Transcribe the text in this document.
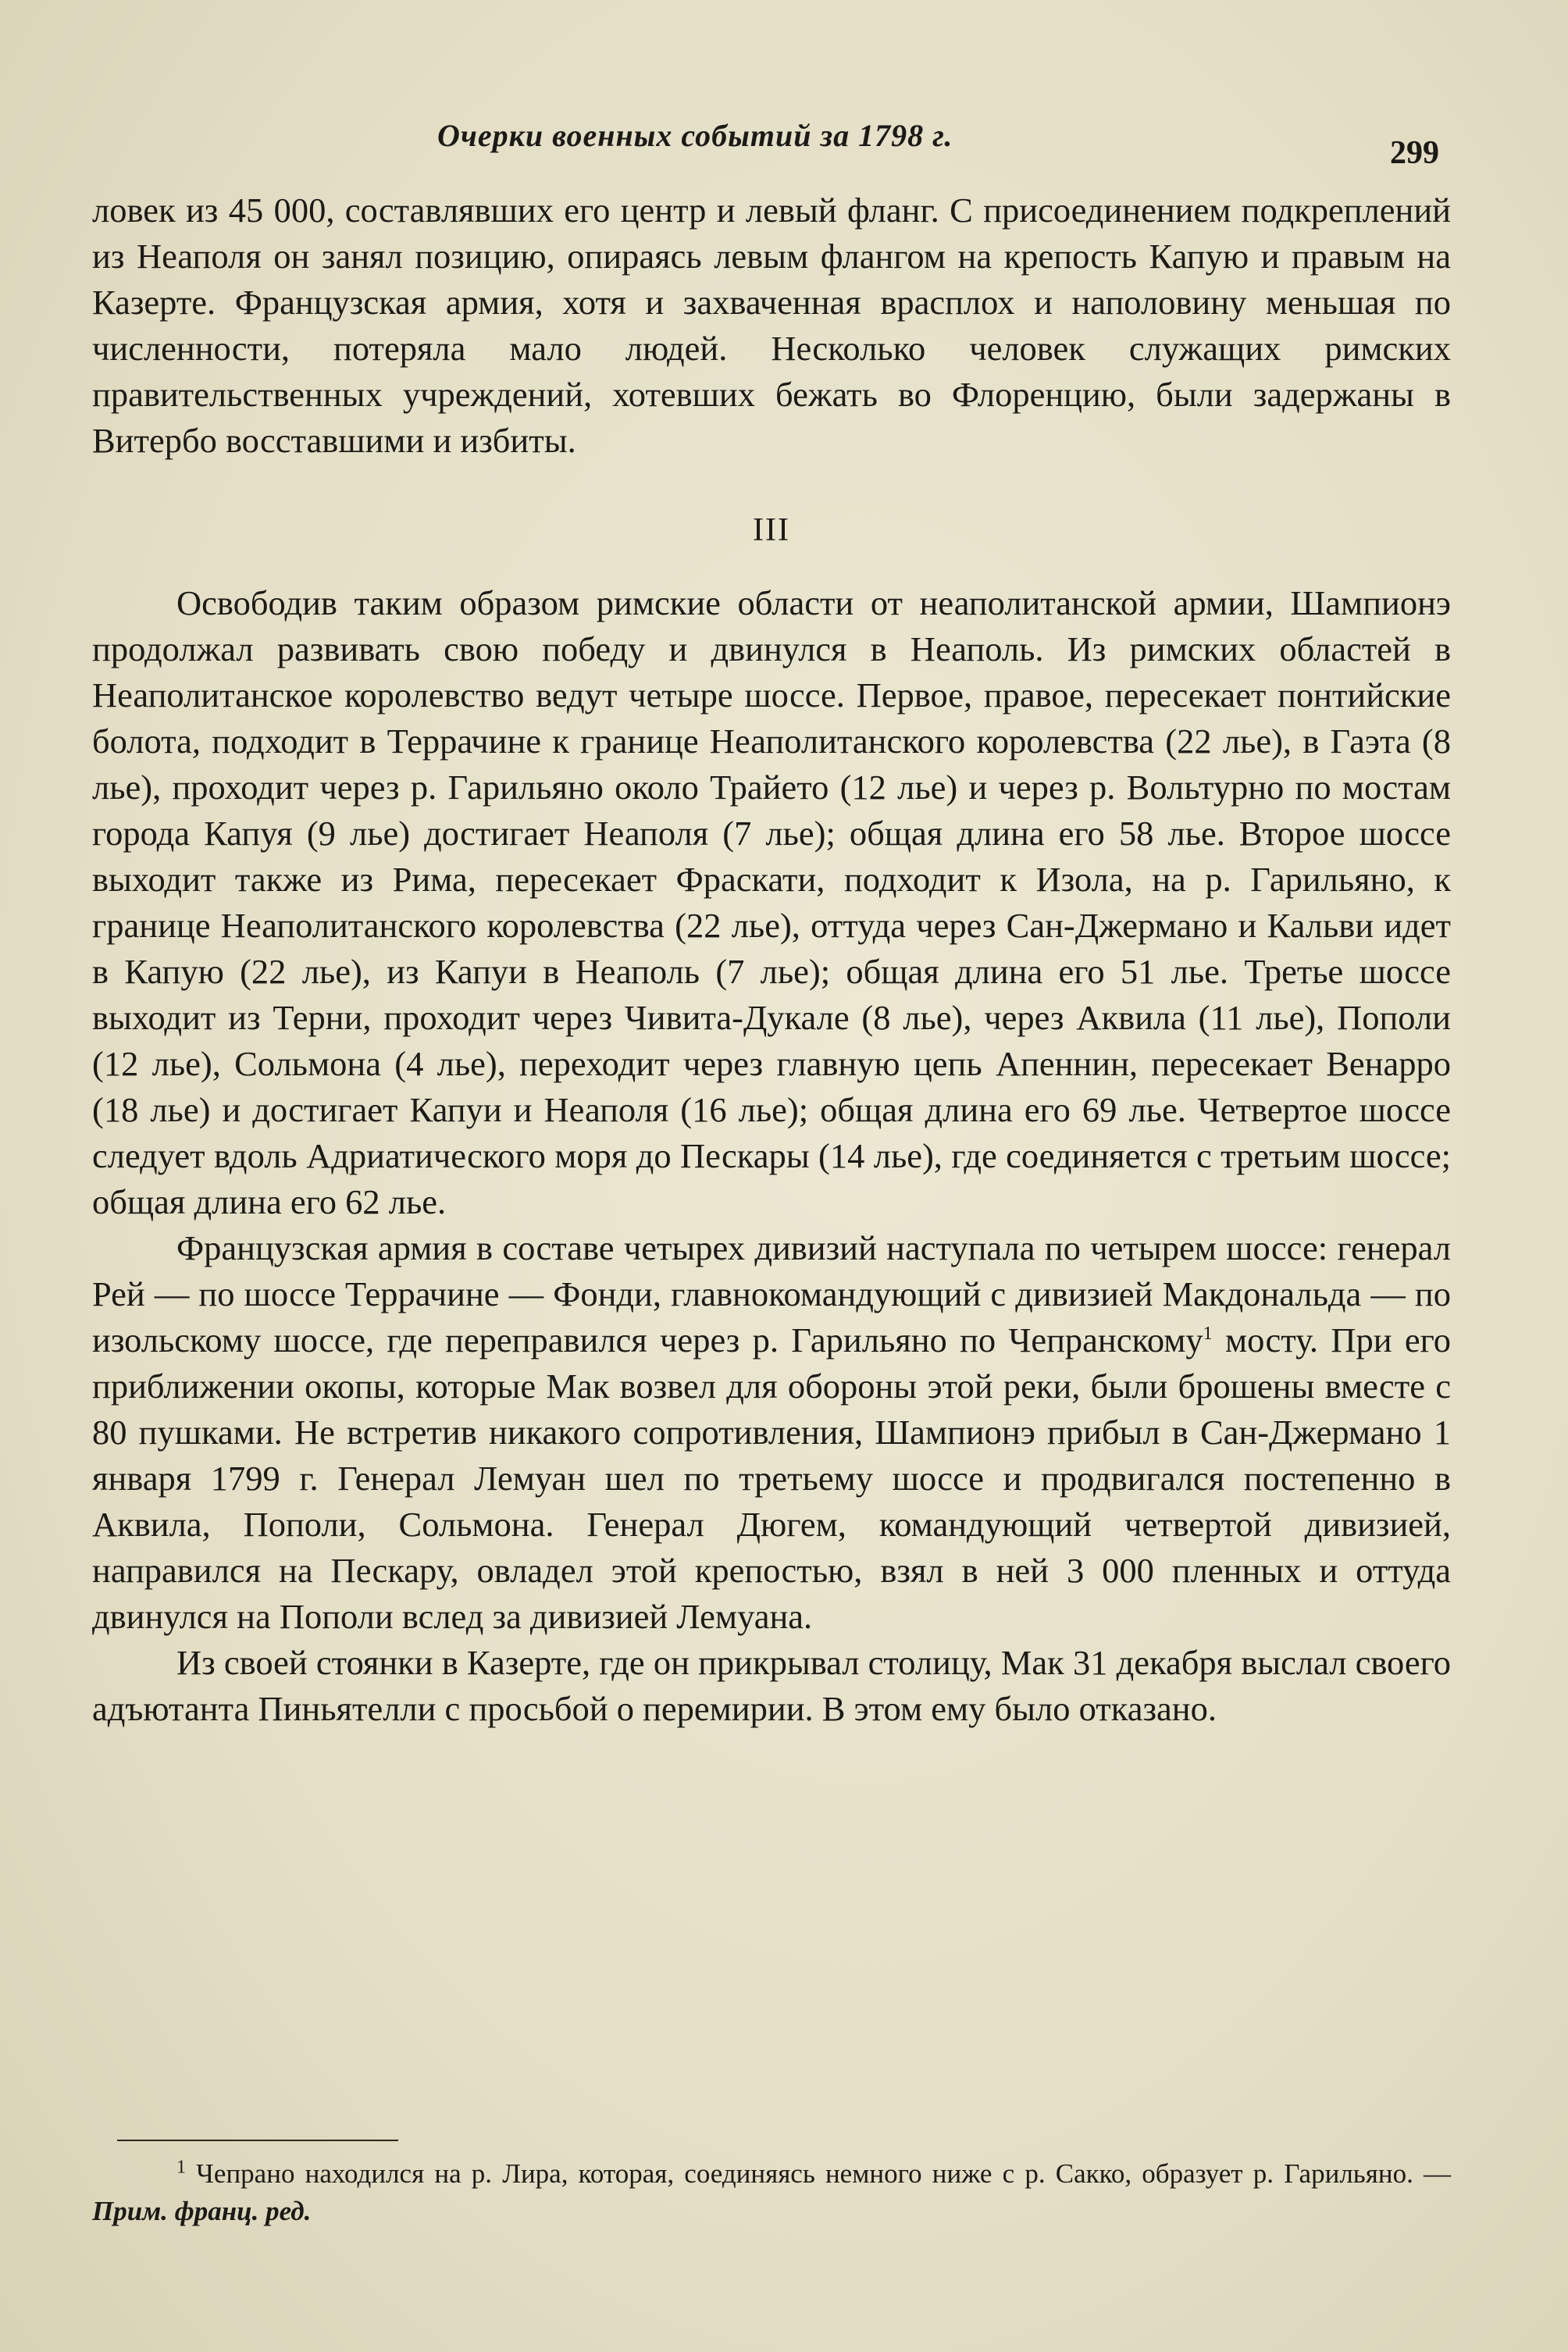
Очерки военных событий за 1798 г.	299

ловек из 45 000, составлявших его центр и левый фланг. С присоединением подкреплений из Неаполя он занял позицию, опираясь левым флангом на крепость Капую и правым на Казерте. Французская армия, хотя и захваченная врасплох и наполовину меньшая по численности, потеряла мало людей. Несколько человек служащих римских правительственных учреждений, хотевших бежать во Флоренцию, были задержаны в Витербо восставшими и избиты.

III

Освободив таким образом римские области от неаполитанской армии, Шампионэ продолжал развивать свою победу и двинулся в Неаполь. Из римских областей в Неаполитанское королевство ведут четыре шоссе. Первое, правое, пересекает понтийские болота, подходит в Террачине к границе Неаполитанского королевства (22 лье), в Гаэта (8 лье), проходит через р. Гарильяно около Трайето (12 лье) и через р. Вольтурно по мостам города Капуя (9 лье) достигает Неаполя (7 лье); общая длина его 58 лье. Второе шоссе выходит также из Рима, пересекает Фраскати, подходит к Изола, на р. Гарильяно, к границе Неаполитанского королевства (22 лье), оттуда через Сан-Джермано и Кальви идет в Капую (22 лье), из Капуи в Неаполь (7 лье); общая длина его 51 лье. Третье шоссе выходит из Терни, проходит через Чивита-Дукале (8 лье), через Аквила (11 лье), Пополи (12 лье), Сольмона (4 лье), переходит через главную цепь Апеннин, пересекает Венарро (18 лье) и достигает Капуи и Неаполя (16 лье); общая длина его 69 лье. Четвертое шоссе следует вдоль Адриатического моря до Пескары (14 лье), где соединяется с третьим шоссе; общая длина его 62 лье.

Французская армия в составе четырех дивизий наступала по четырем шоссе: генерал Рей — по шоссе Террачине — Фонди, главнокомандующий с дивизией Макдональда — по изольскому шоссе, где переправился через р. Гарильяно по Чепранскому$^1$ мосту. При его приближении окопы, которые Мак возвел для обороны этой реки, были брошены вместе с 80 пушками. Не встретив никакого сопротивления, Шампионэ прибыл в Сан-Джермано 1 января 1799 г. Генерал Лемуан шел по третьему шоссе и продвигался постепенно в Аквила, Пополи, Сольмона. Генерал Дюгем, командующий четвертой дивизией, направился на Пескару, овладел этой крепостью, взял в ней 3 000 пленных и оттуда двинулся на Пополи вслед за дивизией Лемуана.

Из своей стоянки в Казерте, где он прикрывал столицу, Мак 31 декабря выслал своего адъютанта Пиньятелли с просьбой о перемирии. В этом ему было отказано.

$^1$ Чепрано находился на р. Лира, которая, соединяясь немного ниже с р. Сакко, образует р. Гарильяно. — Прим. франц. ред.
